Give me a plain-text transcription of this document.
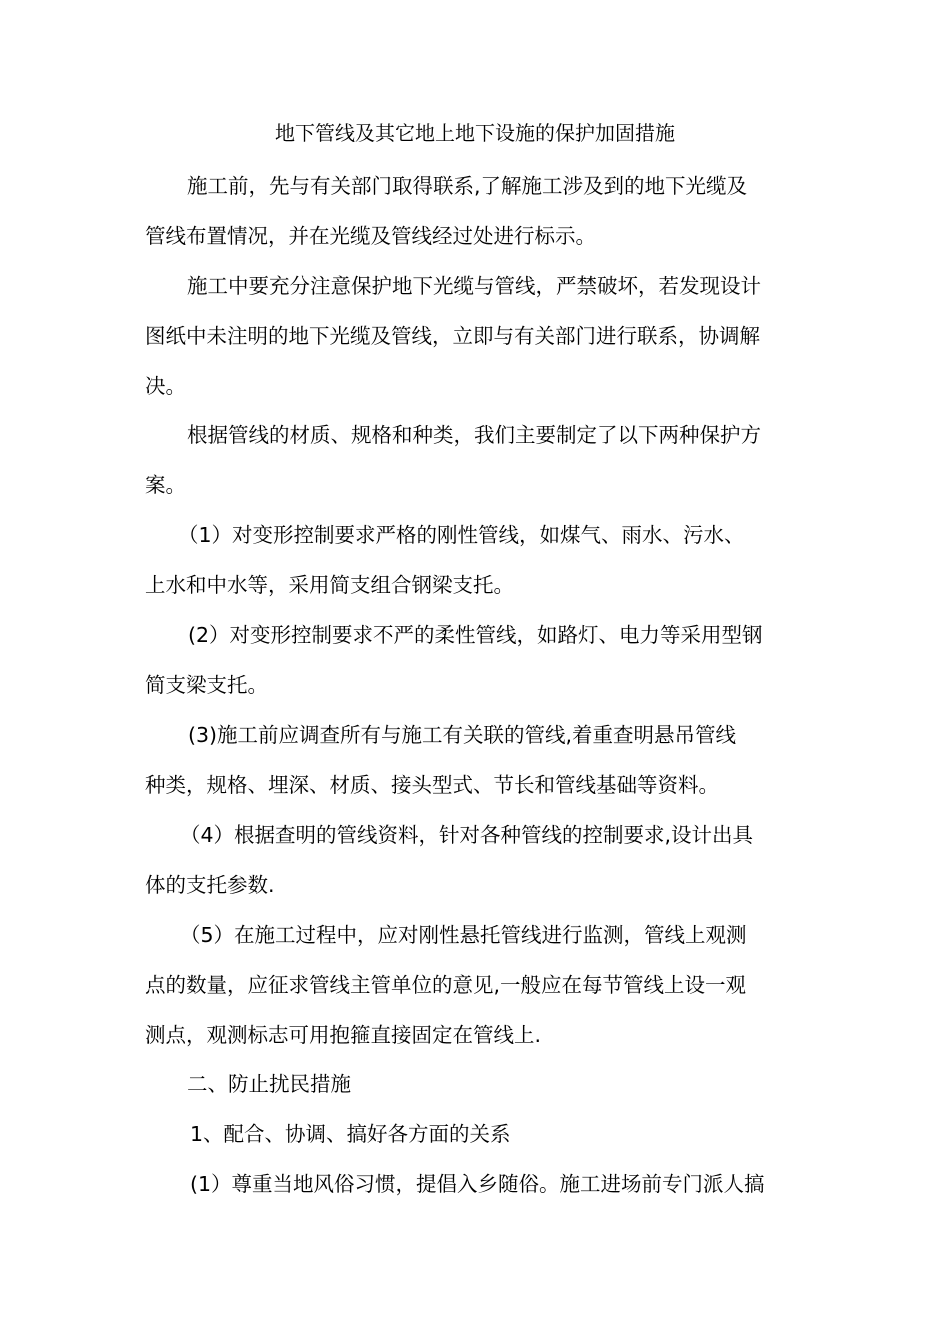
地下管线及其它地上地下设施的保护加固措施
施工前，先与有关部门取得联系,了解施工涉及到的地下光缆及
管线布置情况，并在光缆及管线经过处进行标示。
施工中要充分注意保护地下光缆与管线，严禁破坏，若发现设计
图纸中未注明的地下光缆及管线，立即与有关部门进行联系，协调解
决。
根据管线的材质、规格和种类，我们主要制定了以下两种保护方
案。
（1）对变形控制要求严格的刚性管线，如煤气、雨水、污水、
上水和中水等，采用简支组合钢梁支托。
(2）对变形控制要求不严的柔性管线，如路灯、电力等采用型钢
简支梁支托。
(3)施工前应调查所有与施工有关联的管线,着重查明悬吊管线
种类，规格、埋深、材质、接头型式、节长和管线基础等资料。
（4）根据查明的管线资料，针对各种管线的控制要求,设计出具
体的支托参数.
（5）在施工过程中，应对刚性悬托管线进行监测，管线上观测
点的数量，应征求管线主管单位的意见,一般应在每节管线上设一观
测点，观测标志可用抱箍直接固定在管线上.
二、防止扰民措施
1、配合、协调、搞好各方面的关系
(1）尊重当地风俗习惯，提倡入乡随俗。施工进场前专门派人搞
